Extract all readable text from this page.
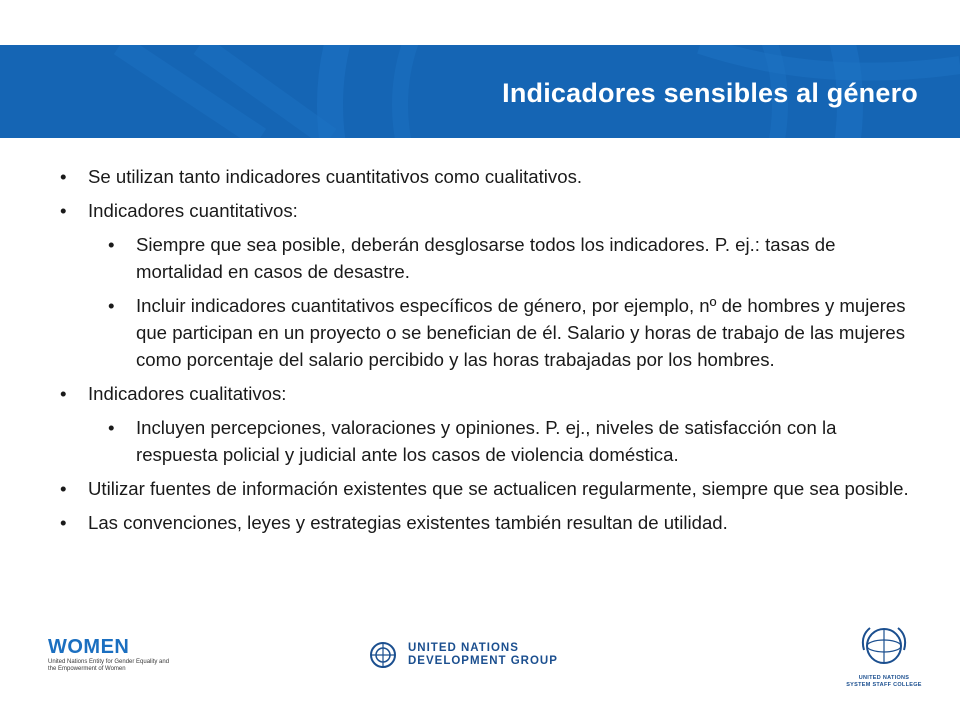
Indicadores sensibles al género
•	Se utilizan tanto indicadores cuantitativos como cualitativos.
•	Indicadores cuantitativos:
•	Siempre que sea posible, deberán desglosarse todos los indicadores. P. ej.: tasas de mortalidad en casos de desastre.
•	Incluir indicadores cuantitativos específicos de género, por ejemplo, nº de hombres y mujeres que participan en un proyecto o se benefician de él. Salario y horas de trabajo de las mujeres como porcentaje del salario percibido y las horas trabajadas por los hombres.
•	Indicadores cualitativos:
•	Incluyen percepciones, valoraciones y opiniones. P. ej., niveles de satisfacción con la respuesta policial y judicial ante los casos de violencia doméstica.
•	Utilizar fuentes de información existentes que se actualicen regularmente, siempre que sea posible.
•	Las convenciones, leyes y estrategias existentes también resultan de utilidad.
WOMEN
United Nations Entity for Gender Equality and the Empowerment of Women
UNITED NATIONS
DEVELOPMENT GROUP
UNITED NATIONS
SYSTEM STAFF COLLEGE
